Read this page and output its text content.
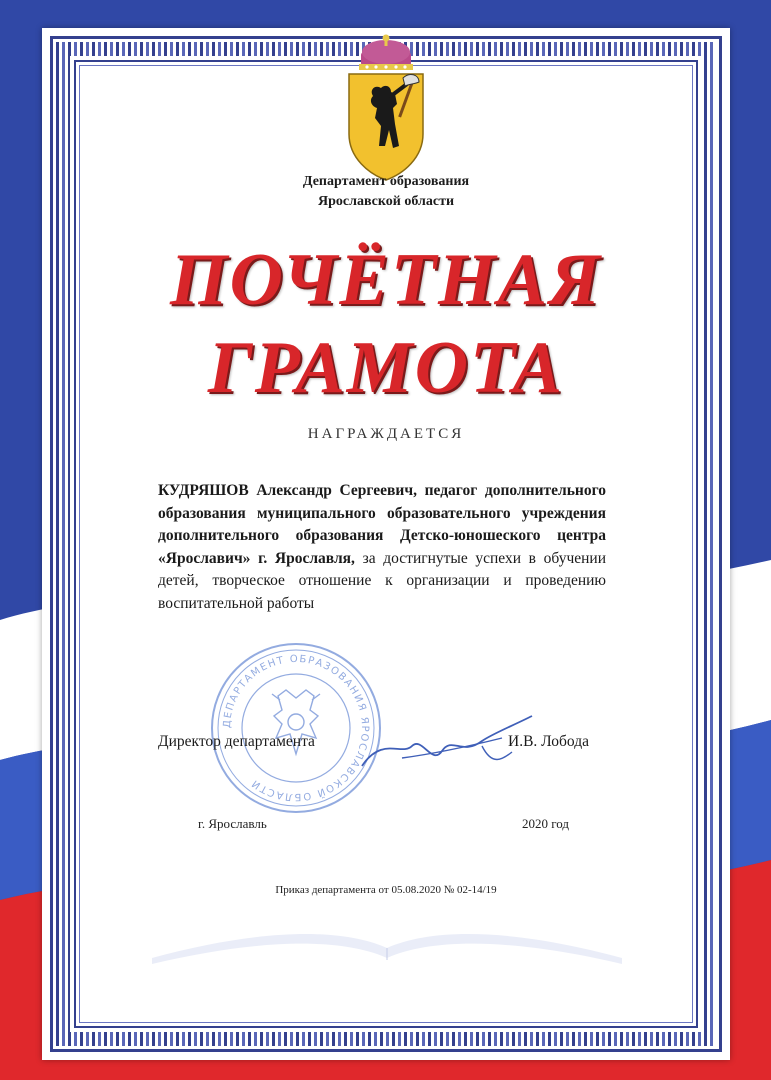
Департамент образования
Ярославской области
ПОЧЁТНАЯ
ГРАМОТА
НАГРАЖДАЕТСЯ
КУДРЯШОВ Александр Сергеевич, педагог дополнительного образования муниципального образовательного учреждения дополнительного образования Детско-юношеского центра «Ярославич» г. Ярославля, за достигнутые успехи в обучении детей, творческое отношение к организации и проведению воспитательной работы
ДЕПАРТАМЕНТ ОБРАЗОВАНИЯ ЯРОСЛАВСКОЙ ОБЛАСТИ
Директор департамента	И.В. Лобода
г. Ярославль	2020 год
Приказ департамента от 05.08.2020 № 02-14/19
